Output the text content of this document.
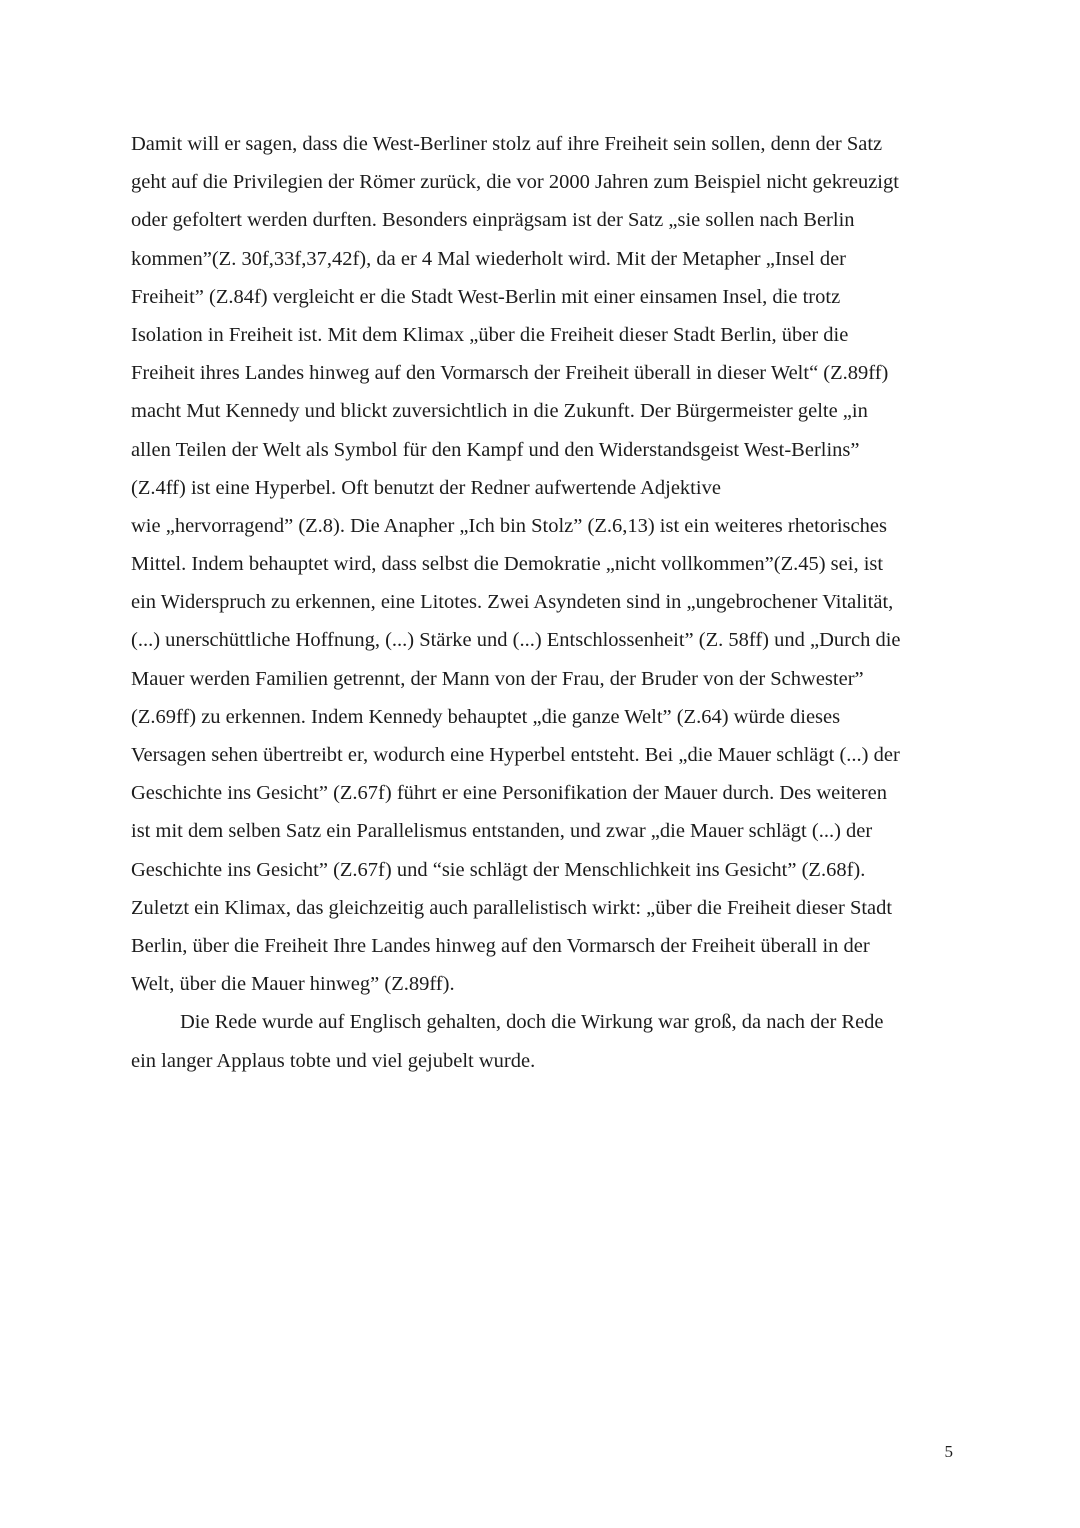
Damit will er sagen, dass die West-Berliner stolz auf ihre Freiheit sein sollen, denn der Satz
geht auf die Privilegien der Römer zurück, die vor 2000 Jahren zum Beispiel nicht gekreuzigt
oder gefoltert werden durften. Besonders einprägsam ist der Satz „sie sollen nach Berlin
kommen”(Z. 30f,33f,37,42f), da er 4 Mal wiederholt wird. Mit der Metapher „Insel der
Freiheit” (Z.84f) vergleicht er die Stadt West-Berlin mit einer einsamen Insel, die trotz
Isolation in Freiheit ist. Mit dem Klimax „über die Freiheit dieser Stadt Berlin, über die
Freiheit ihres Landes hinweg auf den Vormarsch der Freiheit überall in dieser Welt“ (Z.89ff)
macht Mut Kennedy und blickt zuversichtlich in die Zukunft. Der Bürgermeister gelte „in
allen Teilen der Welt als Symbol für den Kampf und den Widerstandsgeist West-Berlins”
(Z.4ff) ist eine Hyperbel. Oft benutzt der Redner aufwertende Adjektive
wie „hervorragend” (Z.8). Die Anapher „Ich bin Stolz” (Z.6,13) ist ein weiteres rhetorisches
Mittel. Indem behauptet wird, dass selbst die Demokratie „nicht vollkommen”(Z.45) sei, ist
ein Widerspruch zu erkennen, eine Litotes. Zwei Asyndeten sind in „ungebrochener Vitalität,
(...) unerschüttliche Hoffnung, (...) Stärke und (...) Entschlossenheit” (Z. 58ff) und „Durch die
Mauer werden Familien getrennt, der Mann von der Frau, der Bruder von der Schwester”
(Z.69ff) zu erkennen. Indem Kennedy behauptet „die ganze Welt” (Z.64) würde dieses
Versagen sehen übertreibt er, wodurch eine Hyperbel entsteht. Bei „die Mauer schlägt (...) der
Geschichte ins Gesicht” (Z.67f) führt er eine Personifikation der Mauer durch. Des weiteren
ist mit dem selben Satz ein Parallelismus entstanden, und zwar „die Mauer schlägt (...) der
Geschichte ins Gesicht” (Z.67f) und “sie schlägt der Menschlichkeit ins Gesicht” (Z.68f).
Zuletzt ein Klimax, das gleichzeitig auch parallelistisch wirkt: „über die Freiheit dieser Stadt
Berlin, über die Freiheit Ihre Landes hinweg auf den Vormarsch der Freiheit überall in der
Welt, über die Mauer hinweg” (Z.89ff).
Die Rede wurde auf Englisch gehalten, doch die Wirkung war groß, da nach der Rede
ein langer Applaus tobte und viel gejubelt wurde.
5
